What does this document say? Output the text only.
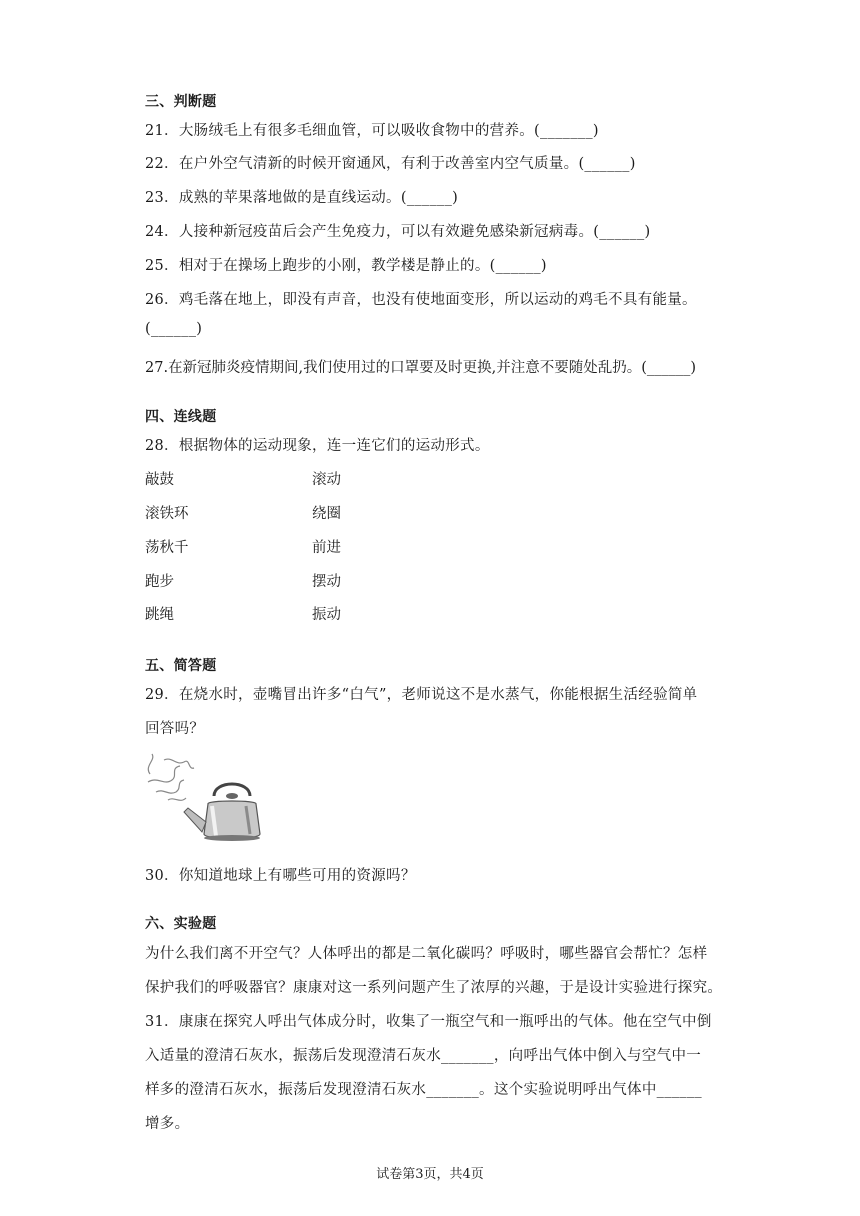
三、判断题
21．大肠绒毛上有很多毛细血管，可以吸收食物中的营养。(_______)
22．在户外空气清新的时候开窗通风，有利于改善室内空气质量。(______)
23．成熟的苹果落地做的是直线运动。(______)
24．人接种新冠疫苗后会产生免疫力，可以有效避免感染新冠病毒。(______)
25．相对于在操场上跑步的小刚，教学楼是静止的。(______)
26．鸡毛落在地上，即没有声音，也没有使地面变形，所以运动的鸡毛不具有能量。
(______)
27.在新冠肺炎疫情期间,我们使用过的口罩要及时更换,并注意不要随处乱扔。(______)
四、连线题
28．根据物体的运动现象，连一连它们的运动形式。
敲鼓	滚动
滚铁环	绕圈
荡秋千	前进
跑步	摆动
跳绳	振动
五、简答题
29．在烧水时，壶嘴冒出许多“白气”，老师说这不是水蒸气，你能根据生活经验简单
回答吗？
30．你知道地球上有哪些可用的资源吗？
六、实验题
为什么我们离不开空气？人体呼出的都是二氧化碳吗？呼吸时，哪些器官会帮忙？怎样
保护我们的呼吸器官？康康对这一系列问题产生了浓厚的兴趣，于是设计实验进行探究。
31．康康在探究人呼出气体成分时，收集了一瓶空气和一瓶呼出的气体。他在空气中倒
入适量的澄清石灰水，振荡后发现澄清石灰水_______，向呼出气体中倒入与空气中一
样多的澄清石灰水，振荡后发现澄清石灰水_______。这个实验说明呼出气体中______
增多。
试卷第3页，共4页
